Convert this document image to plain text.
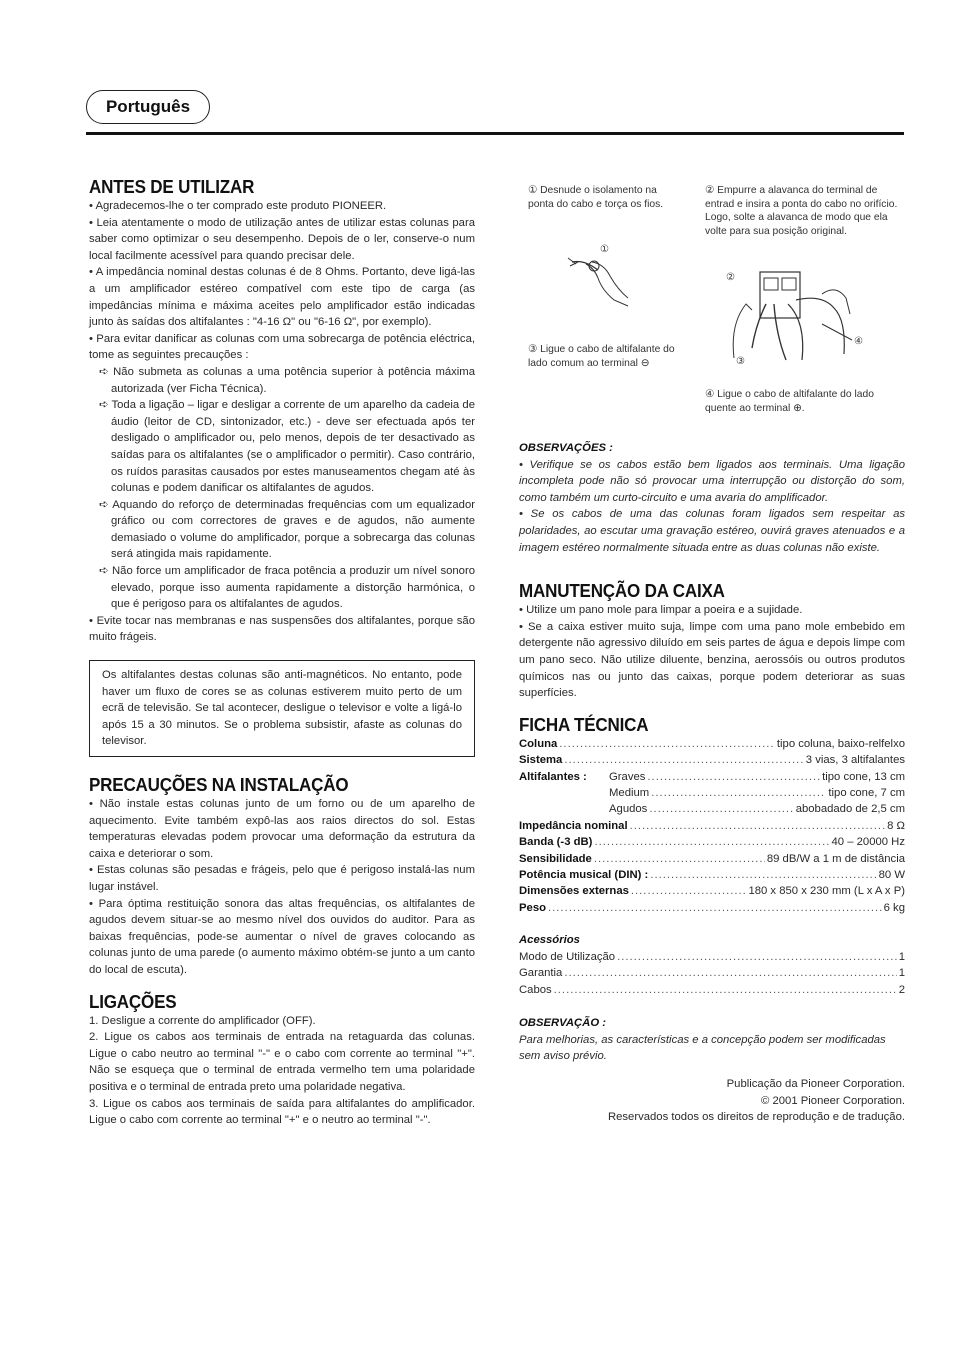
Português
ANTES DE UTILIZAR

• Agradecemos-lhe o ter comprado este produto PIONEER.

• Leia atentamente o modo de utilização antes de utilizar estas colunas para saber como optimizar o seu desempenho. Depois de o ler, conserve-o num local facilmente acessível para quando precisar dele.

• A impedância nominal destas colunas é de 8 Ohms. Portanto, deve ligá-las a um amplificador estéreo compatível com este tipo de carga (as impedâncias mínima e máxima aceites pelo amplificador estão indicadas junto às saídas dos altifalantes : "4-16 Ω" ou "6-16 Ω", por exemplo).

• Para evitar danificar as colunas com uma sobrecarga de potência eléctrica, tome as seguintes precauções :

➪ Não submeta as colunas a uma potência superior à potência máxima autorizada (ver Ficha Técnica).

➪ Toda a ligação – ligar e desligar a corrente de um aparelho da cadeia de áudio (leitor de CD, sintonizador, etc.) - deve ser efectuada após ter desligado o amplificador ou, pelo menos, depois de ter desactivado as saídas para os altifalantes (se o amplificador o permitir). Caso contrário, os ruídos parasitas causados por estes manuseamentos chegam até às colunas e podem danificar os altifalantes de agudos.

➪ Aquando do reforço de determinadas frequências com um equalizador gráfico ou com correctores de graves e de agudos, não aumente demasiado o volume do amplificador, porque a sobrecarga das colunas será atingida mais rapidamente.

➪ Não force um amplificador de fraca potência a produzir um nível sonoro elevado, porque isso aumenta rapidamente a distorção harmónica, o que é perigoso para os altifalantes de agudos.

• Evite tocar nas membranas e nas suspensões dos altifalantes, porque são muito frágeis.

Os altifalantes destas colunas são anti-magnéticos. No entanto, pode haver um fluxo de cores se as colunas estiverem muito perto de um ecrã de televisão. Se tal acontecer, desligue o televisor e volte a ligá-lo após 15 a 30 minutos. Se o problema subsistir, afaste as colunas do televisor.
PRECAUÇÕES NA INSTALAÇÃO

• Não instale estas colunas junto de um forno ou de um aparelho de aquecimento. Evite também expô-las aos raios directos do sol. Estas temperaturas elevadas podem provocar uma deformação da estrutura da caixa e deteriorar o som.

• Estas colunas são pesadas e frágeis, pelo que é perigoso instalá-las num lugar instável.

• Para óptima restituição sonora das altas frequências, os altifalantes de agudos devem situar-se ao mesmo nível dos ouvidos do auditor. Para as baixas frequências, pode-se aumentar o nível de graves colocando as colunas junto de uma parede (o aumento máximo obtém-se junto a um canto do local de escuta).

LIGAÇÕES

1. Desligue a corrente do amplificador (OFF).

2. Ligue os cabos aos terminais de entrada na retaguarda das colunas. Ligue o cabo neutro ao terminal "-" e o cabo com corrente ao terminal "+". Não se esqueça que o terminal de entrada vermelho tem uma polaridade positiva e o terminal de entrada preto uma polaridade negativa.

3. Ligue os cabos aos terminais de saída para altifalantes do amplificador. Ligue o cabo com corrente ao terminal "+" e o neutro ao terminal "-".

① Desnude o isolamento na ponta do cabo e torça os fios.
② Empurre a alavanca do terminal de entrad e insira a ponta do cabo no orifício. Logo, solte a alavanca de modo que ela volte para sua posição original.
①
②
③
④
③ Ligue o cabo de altifalante do lado comum ao terminal ⊖
④ Ligue o cabo de altifalante do lado quente ao terminal ⊕.
OBSERVAÇÕES :

• Verifique se os cabos estão bem ligados aos terminais. Uma ligação incompleta pode não só provocar uma interrupção ou distorção do som, como também um curto-circuito e uma avaria do amplificador.

• Se os cabos de uma das colunas foram ligados sem respeitar as polaridades, ao escutar uma gravação estéreo, ouvirá graves atenuados e a imagem estéreo normalmente situada entre as duas colunas não existe.

MANUTENÇÃO DA CAIXA

• Utilize um pano mole para limpar a poeira e a sujidade.

• Se a caixa estiver muito suja, limpe com uma pano mole embebido em detergente não agressivo diluído em seis partes de água e depois limpe com um pano seco. Não utilize diluente, benzina, aerossóis ou outros produtos químicos nas ou junto das caixas, porque podem deteriorar as suas superfícies.

FICHA TÉCNICA
Coluna .....	tipo coluna, baixo-relfelxo
Sistema .....	3 vias, 3 altifalantes
Altifalantes :	Graves .....	tipo cone, 13 cm
Medium .....	tipo cone, 7 cm
Agudos .....	abobadado de 2,5 cm
Impedância nominal .....	8 Ω
Banda (-3 dB) .....	40 – 20000 Hz
Sensibilidade .....	89 dB/W a 1 m de distância
Potência musical (DIN) : .....	80 W
Dimensões externas .....	180 x 850 x 230 mm (L x A x P)
Peso .....	6 kg
Acessórios
Modo de Utilização .....	1
Garantia .....	1
Cabos .....	2
OBSERVAÇÃO :

Para melhorias, as características e a concepção podem ser modificadas sem aviso prévio.

Publicação da Pioneer Corporation.
© 2001 Pioneer Corporation.
Reservados todos os direitos de reprodução e de tradução.
